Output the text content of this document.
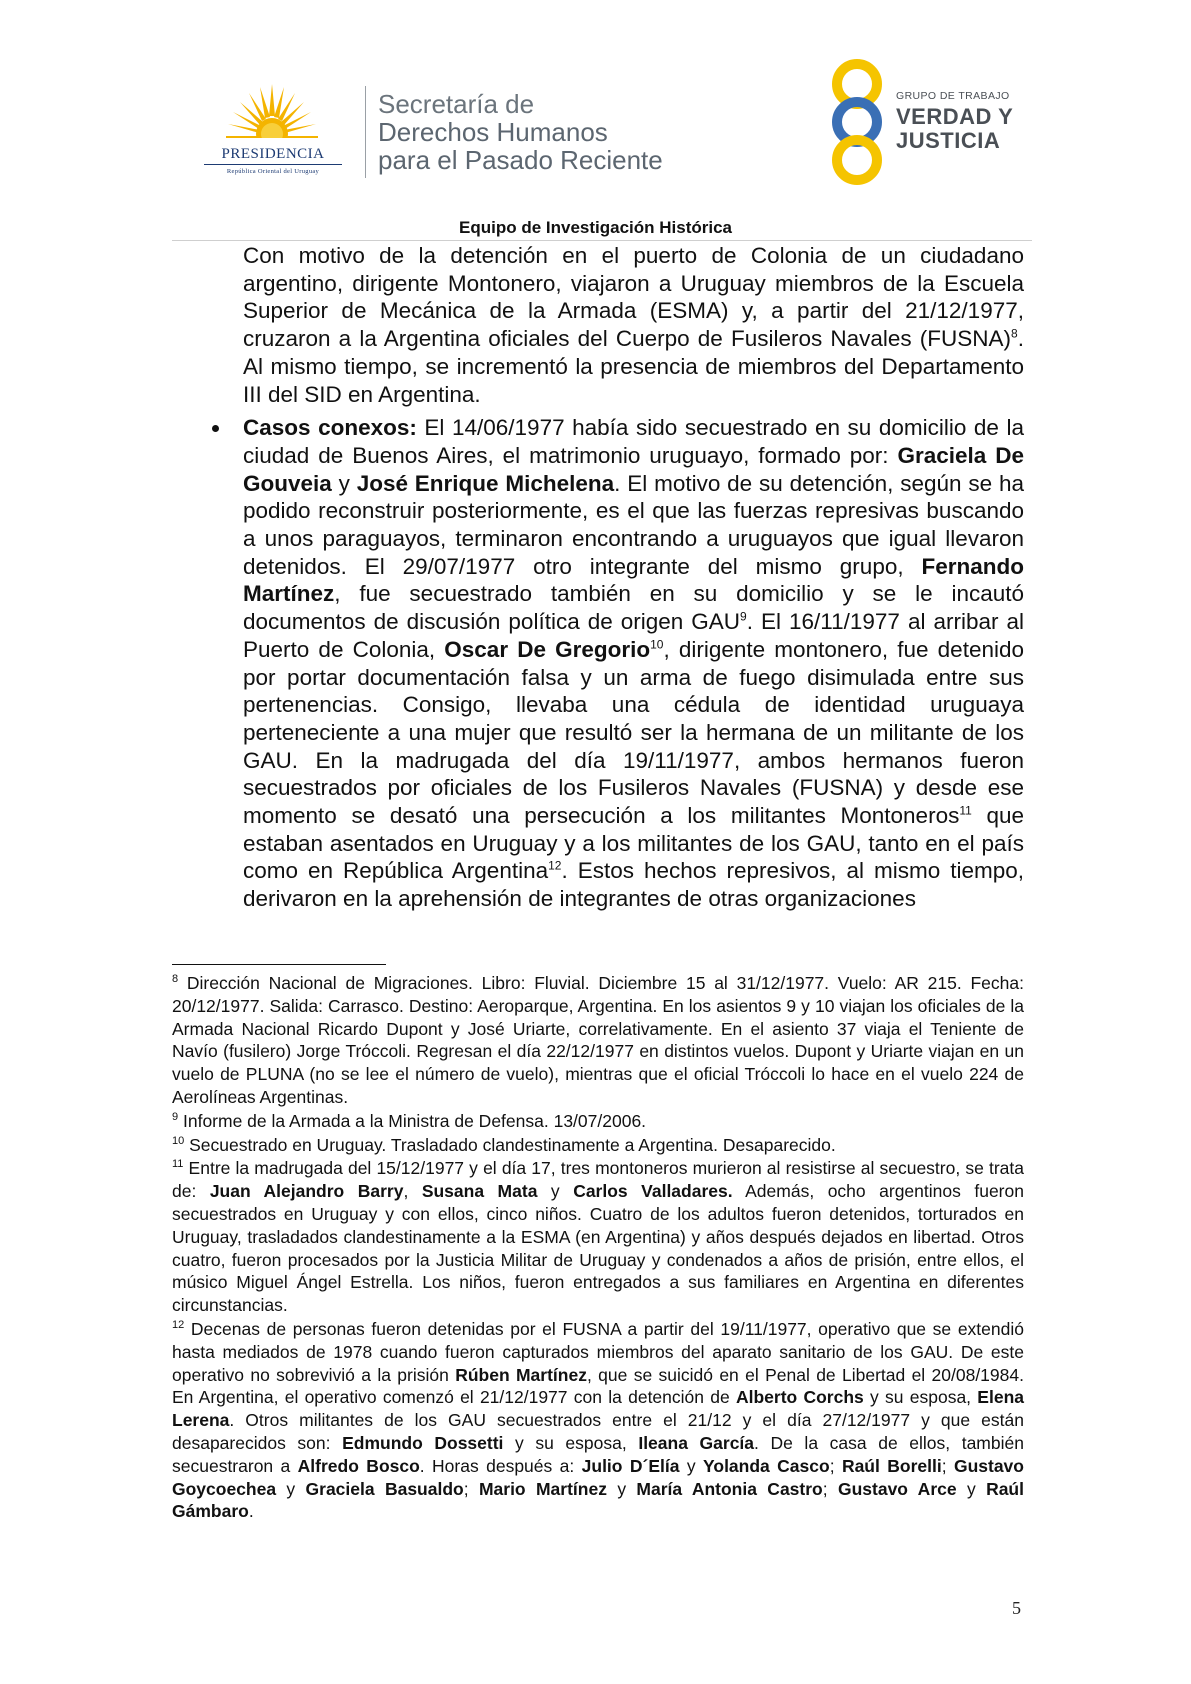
PRESIDENCIA
República Oriental del Uruguay
Secretaría de
Derechos Humanos
para el Pasado Reciente
GRUPO DE TRABAJO
VERDAD Y
JUSTICIA
Equipo de Investigación Histórica

Con motivo de la detención en el puerto de Colonia de un ciudadano argentino, dirigente Montonero, viajaron a Uruguay miembros de la Escuela Superior de Mecánica de la Armada (ESMA) y, a partir del 21/12/1977, cruzaron a la Argentina oficiales del Cuerpo de Fusileros Navales (FUSNA)$^8$. Al mismo tiempo, se incrementó la presencia de miembros del Departamento III del SID en Argentina.

Casos conexos: El 14/06/1977 había sido secuestrado en su domicilio de la ciudad de Buenos Aires, el matrimonio uruguayo, formado por: Graciela De Gouveia y José Enrique Michelena. El motivo de su detención, según se ha podido reconstruir posteriormente, es el que las fuerzas represivas buscando a unos paraguayos, terminaron encontrando a uruguayos que igual llevaron detenidos. El 29/07/1977 otro integrante del mismo grupo, Fernando Martínez, fue secuestrado también en su domicilio y se le incautó documentos de discusión política de origen GAU$^9$. El 16/11/1977 al arribar al Puerto de Colonia, Oscar De Gregorio$^{10}$, dirigente montonero, fue detenido por portar documentación falsa y un arma de fuego disimulada entre sus pertenencias. Consigo, llevaba una cédula de identidad uruguaya perteneciente a una mujer que resultó ser la hermana de un militante de los GAU. En la madrugada del día 19/11/1977, ambos hermanos fueron secuestrados por oficiales de los Fusileros Navales (FUSNA) y desde ese momento se desató una persecución a los militantes Montoneros$^{11}$ que estaban asentados en Uruguay y a los militantes de los GAU, tanto en el país como en República Argentina$^{12}$. Estos hechos represivos, al mismo tiempo, derivaron en la aprehensión de integrantes de otras organizaciones

$^8$ Dirección Nacional de Migraciones. Libro: Fluvial. Diciembre 15 al 31/12/1977. Vuelo: AR 215. Fecha: 20/12/1977. Salida: Carrasco. Destino: Aeroparque, Argentina. En los asientos 9 y 10 viajan los oficiales de la Armada Nacional Ricardo Dupont y José Uriarte, correlativamente. En el asiento 37 viaja el Teniente de Navío (fusilero) Jorge Tróccoli. Regresan el día 22/12/1977 en distintos vuelos. Dupont y Uriarte viajan en un vuelo de PLUNA (no se lee el número de vuelo), mientras que el oficial Tróccoli lo hace en el vuelo 224 de Aerolíneas Argentinas.

$^9$ Informe de la Armada a la Ministra de Defensa. 13/07/2006.

$^{10}$ Secuestrado en Uruguay. Trasladado clandestinamente a Argentina. Desaparecido.

$^{11}$ Entre la madrugada del 15/12/1977 y el día 17, tres montoneros murieron al resistirse al secuestro, se trata de: Juan Alejandro Barry, Susana Mata y Carlos Valladares. Además, ocho argentinos fueron secuestrados en Uruguay y con ellos, cinco niños. Cuatro de los adultos fueron detenidos, torturados en Uruguay, trasladados clandestinamente a la ESMA (en Argentina) y años después dejados en libertad. Otros cuatro, fueron procesados por la Justicia Militar de Uruguay y condenados a años de prisión, entre ellos, el músico Miguel Ángel Estrella. Los niños, fueron entregados a sus familiares en Argentina en diferentes circunstancias.

$^{12}$ Decenas de personas fueron detenidas por el FUSNA a partir del 19/11/1977, operativo que se extendió hasta mediados de 1978 cuando fueron capturados miembros del aparato sanitario de los GAU. De este operativo no sobrevivió a la prisión Rúben Martínez, que se suicidó en el Penal de Libertad el 20/08/1984. En Argentina, el operativo comenzó el 21/12/1977 con la detención de Alberto Corchs y su esposa, Elena Lerena. Otros militantes de los GAU secuestrados entre el 21/12 y el día 27/12/1977 y que están desaparecidos son: Edmundo Dossetti y su esposa, Ileana García. De la casa de ellos, también secuestraron a Alfredo Bosco. Horas después a: Julio D´Elía y Yolanda Casco; Raúl Borelli; Gustavo Goycoechea y Graciela Basualdo; Mario Martínez y María Antonia Castro; Gustavo Arce y Raúl Gámbaro.

5
